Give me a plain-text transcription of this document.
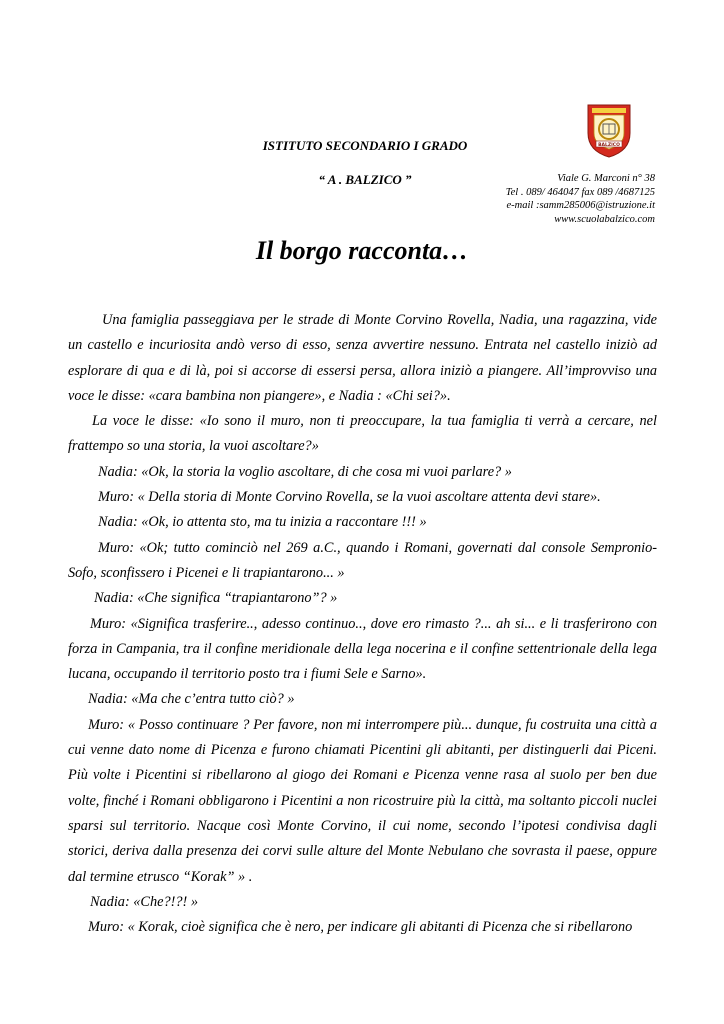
ISTITUTO SECONDARIO I GRADO
“ A . BALZICO ”
BALZICO
Viale G. Marconi n° 38
Tel . 089/ 464047 fax 089 /4687125
e-mail :samm285006@istruzione.it
www.scuolabalzico.com
Il borgo racconta…

Una famiglia passeggiava per le strade di Monte Corvino Rovella, Nadia, una ragazzina, vide un castello e incuriosita andò verso di esso, senza avvertire nessuno. Entrata nel castello iniziò ad esplorare di qua e di là, poi si accorse di essersi persa, allora iniziò a piangere. All’improvviso una voce le disse: «cara bambina non piangere», e Nadia : «Chi sei?».

La voce le disse: «Io sono il muro, non ti preoccupare, la tua famiglia ti verrà a cercare, nel frattempo so una storia, la vuoi ascoltare?»

Nadia: «Ok, la storia la voglio ascoltare, di che cosa mi vuoi parlare? »

Muro: « Della storia di Monte Corvino Rovella, se la vuoi ascoltare attenta devi stare».

Nadia: «Ok, io attenta sto, ma tu inizia a raccontare !!! »

Muro: «Ok; tutto cominciò nel 269 a.C., quando i Romani, governati dal console Sempronio-Sofo, sconfissero i Picenei e li trapiantarono... »

Nadia: «Che significa “trapiantarono”? »

Muro: «Significa trasferire.., adesso continuo.., dove ero rimasto ?... ah si... e li trasferirono con forza in Campania, tra il confine meridionale della lega nocerina e il confine settentrionale della lega lucana, occupando il territorio posto tra i fiumi Sele e Sarno».

Nadia: «Ma che c’entra tutto ciò? »

Muro: « Posso continuare ? Per favore, non mi interrompere più... dunque, fu costruita una città a cui venne dato nome di Picenza e furono chiamati Picentini gli abitanti, per distinguerli dai Piceni. Più volte i Picentini si ribellarono al giogo dei Romani e Picenza venne rasa al suolo per ben due volte, finché i Romani obbligarono i Picentini a non ricostruire più la città, ma soltanto piccoli nuclei sparsi sul territorio. Nacque così Monte Corvino, il cui nome, secondo l’ipotesi condivisa dagli storici, deriva dalla presenza dei corvi sulle alture del Monte Nebulano che sovrasta il paese, oppure dal termine etrusco “Korak” » .

Nadia: «Che?!?! »

Muro: « Korak, cioè significa che è nero, per indicare gli abitanti di Picenza che si ribellarono
